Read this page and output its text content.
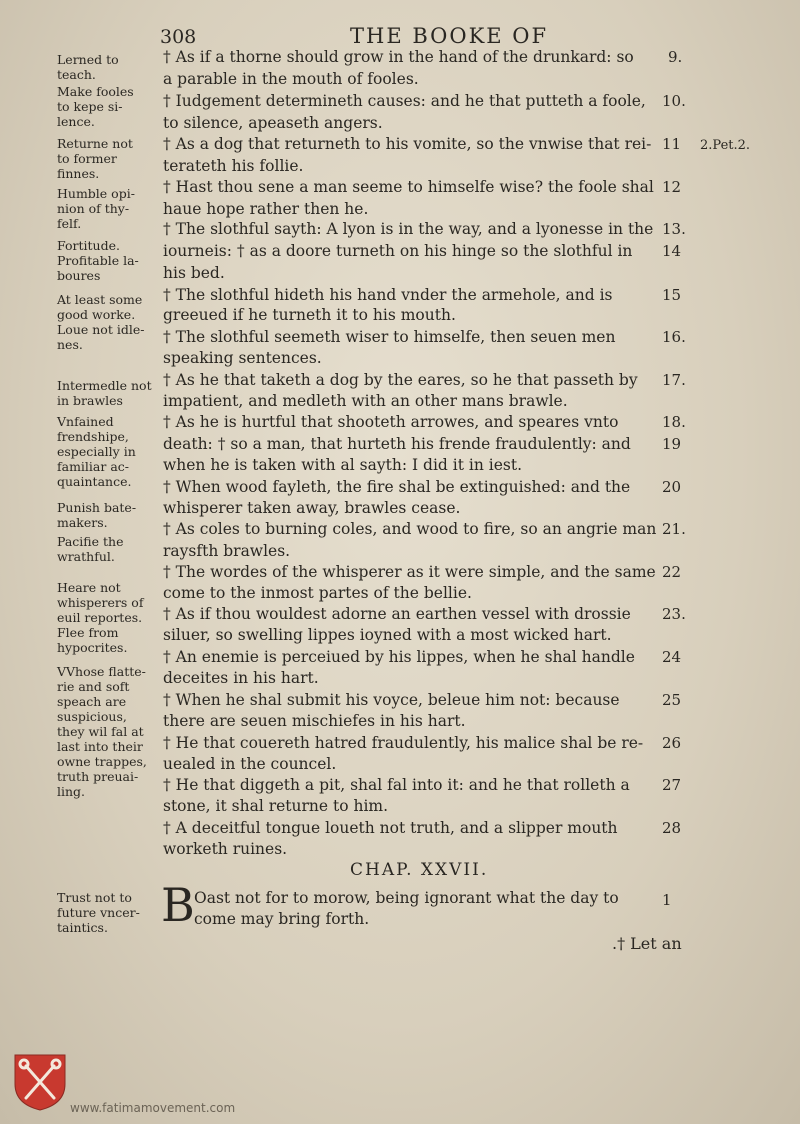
308	THE BOOKE OF
Lerned to teach.
Make fooles to kepe si-lence.
Returne not to former finnes.
Humble opi-nion of thy-felf.
Fortitude. Profitable la-boures
At least some good worke. Loue not idle-nes.
Intermedle not in brawles
Vnfained frendshipe, especially in familiar ac-quaintance.
Punish bate-makers.
Pacifie the wrathful.
Heare not whisperers of euil reportes. Flee from hypocrites.
VVhose flatte-rie and soft speach are suspicious, they wil fal at last into their owne trappes, truth preuai-ling.
Trust not to future vncer-taintics.
† As if a thorne should grow in the hand of the drunkard: so
a parable in the mouth of fooles.
† Iudgement determineth causes: and he that putteth a foole,
to silence, apeaseth angers.
† As a dog that returneth to his vomite, so the vnwise that rei-
terateth his follie.
† Hast thou sene a man seeme to himselfe wise? the foole shal
haue hope rather then he.
† The slothful sayth: A lyon is in the way, and a lyonesse in the
iourneis: † as a doore turneth on his hinge so the slothful in
his bed.
† The slothful hideth his hand vnder the armehole, and is
greeued if he turneth it to his mouth.
† The slothful seemeth wiser to himselfe, then seuen men
speaking sentences.
† As he that taketh a dog by the eares, so he that passeth by
impatient, and medleth with an other mans brawle.
† As he is hurtful that shooteth arrowes, and speares vnto
death: † so a man, that hurteth his frende fraudulently: and
when he is taken with al sayth: I did it in iest.
† When wood fayleth, the fire shal be extinguished: and the
whisperer taken away, brawles cease.
† As coles to burning coles, and wood to fire, so an angrie man
raysfth brawles.
† The wordes of the whisperer as it were simple, and the same
come to the inmost partes of the bellie.
† As if thou wouldest adorne an earthen vessel with drossie
siluer, so swelling lippes ioyned with a most wicked hart.
† An enemie is perceiued by his lippes, when he shal handle
deceites in his hart.
† When he shal submit his voyce, beleue him not: because
there are seuen mischiefes in his hart.
† He that couereth hatred fraudulently, his malice shal be re-
uealed in the councel.
† He that diggeth a pit, shal fal into it: and he that rolleth a
stone, it shal returne to him.
† A deceitful tongue loueth not truth, and a slipper mouth
worketh ruines.
9.
10.
11
12
13.
14
15
16.
17.
18.
19
20
21.
22
23.
24
25
26
27
28
2.Pet.2.
CHAP. XXVII.
B Oast not for to morow, being ignorant what the day to
come may bring forth.
1
.† Let an
www.fatimamovement.com
